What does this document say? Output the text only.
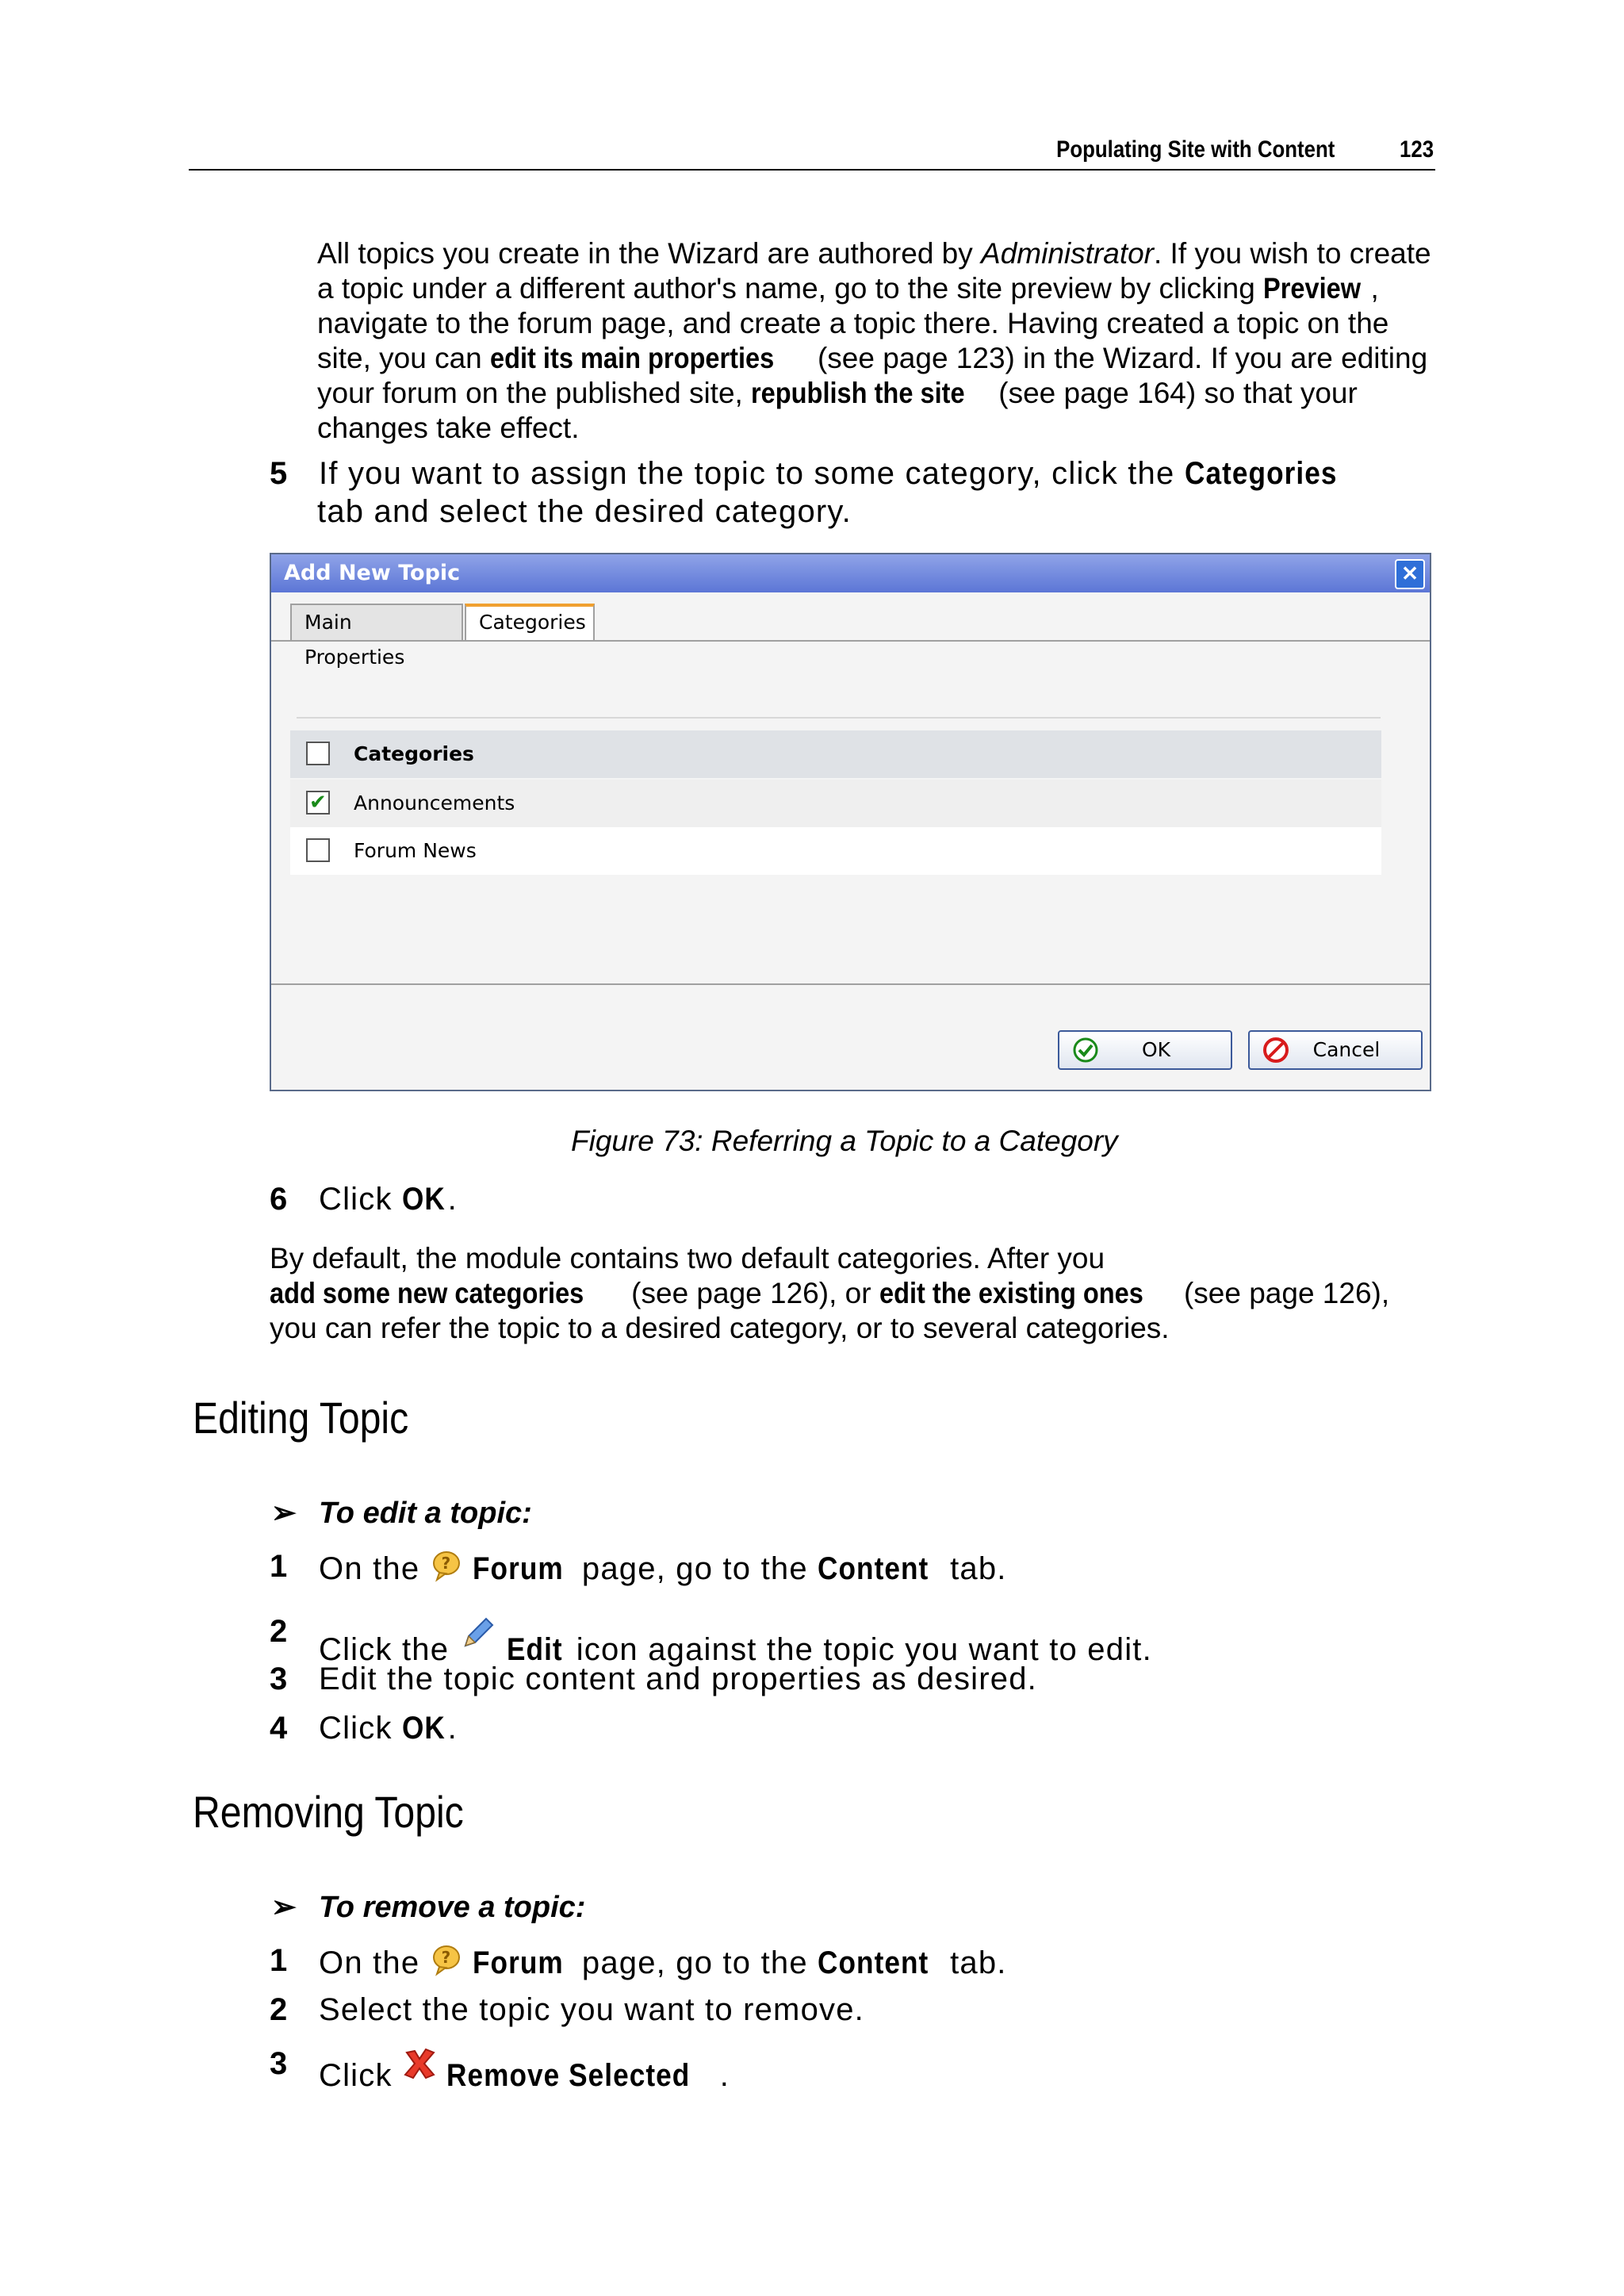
Populating Site with Content	123
All topics you create in the Wizard are authored by Administrator. If you wish to create a topic under a different author's name, go to the site preview by clicking Preview , navigate to the forum page, and create a topic there. Having created a topic on the site, you can edit its main properties (see page 123) in the Wizard. If you are editing your forum on the published site, republish the site (see page 164) so that your changes take effect.
5 If you want to assign the topic to some category, click the Categories
tab and select the desired category.
Add New Topic	✕
Main Properties
Categories
Categories
✔ Announcements
Forum News
OK	Cancel
Figure 73: Referring a Topic to a Category
6 Click OK.
By default, the module contains two default categories. After you add some new categories (see page 126), or edit the existing ones (see page 126), you can refer the topic to a desired category, or to several categories.
Editing Topic
➢ To edit a topic:
1 On the ? Forum page, go to the Content tab.
2
Click the  Edit icon against the topic you want to edit.
3 Edit the topic content and properties as desired.
4 Click OK.
Removing Topic
➢ To remove a topic:
1 On the ? Forum page, go to the Content tab.
2 Select the topic you want to remove.
3 Click  Remove Selected .
